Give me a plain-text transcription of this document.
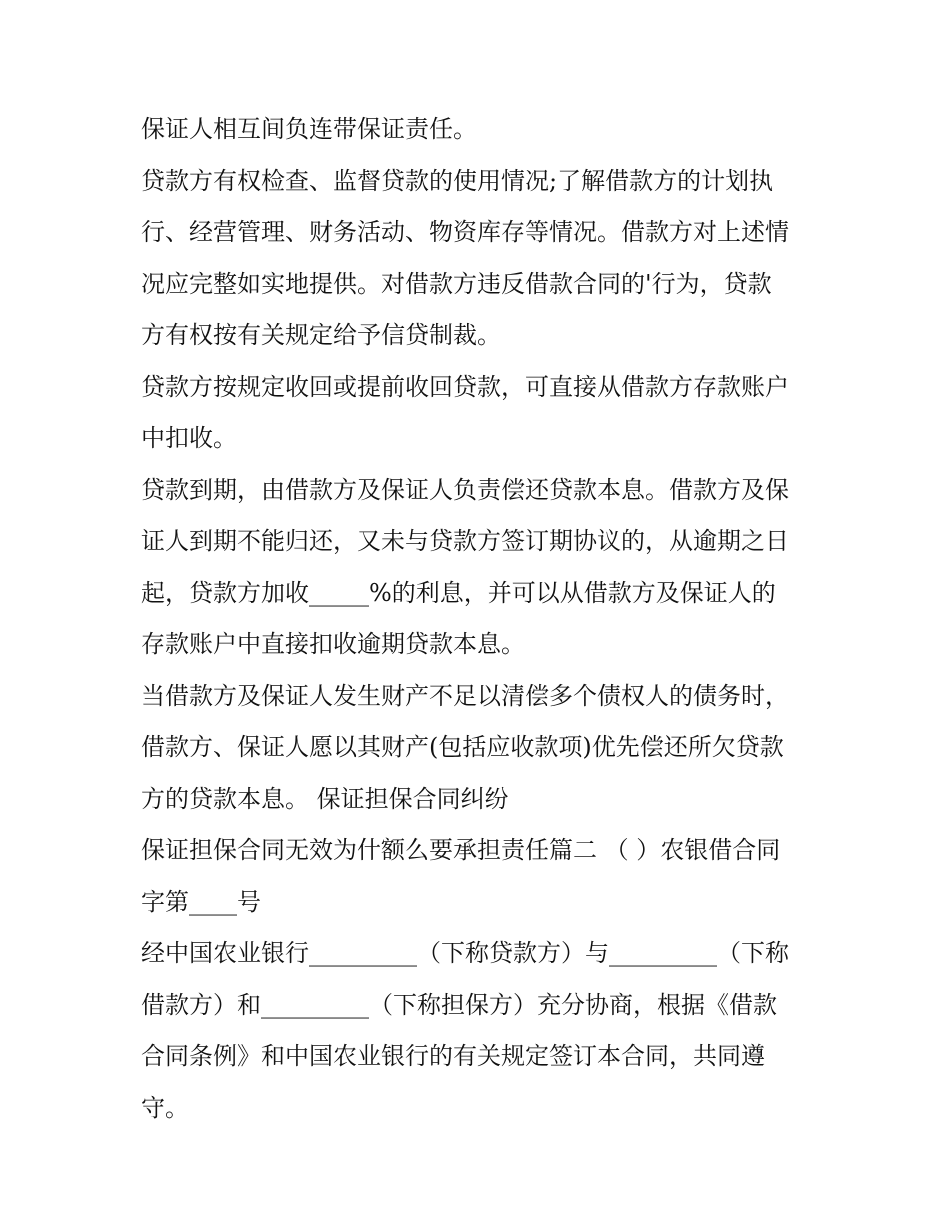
保证人相互间负连带保证责任。
贷款方有权检查、监督贷款的使用情况;了解借款方的计划执
行、经营管理、财务活动、物资库存等情况。借款方对上述情
况应完整如实地提供。对借款方违反借款合同的'行为，贷款
方有权按有关规定给予信贷制裁。
贷款方按规定收回或提前收回贷款，可直接从借款方存款账户
中扣收。
贷款到期，由借款方及保证人负责偿还贷款本息。借款方及保
证人到期不能归还，又未与贷款方签订期协议的，从逾期之日
起，贷款方加收_____%的利息，并可以从借款方及保证人的
存款账户中直接扣收逾期贷款本息。
当借款方及保证人发生财产不足以清偿多个债权人的债务时，
借款方、保证人愿以其财产(包括应收款项)优先偿还所欠贷款
方的贷款本息。 保证担保合同纠纷
保证担保合同无效为什额么要承担责任篇二 （ ）农银借合同
字第____号
经中国农业银行_________（下称贷款方）与_________（下称
借款方）和_________（下称担保方）充分协商，根据《借款
合同条例》和中国农业银行的有关规定签订本合同，共同遵
守。
